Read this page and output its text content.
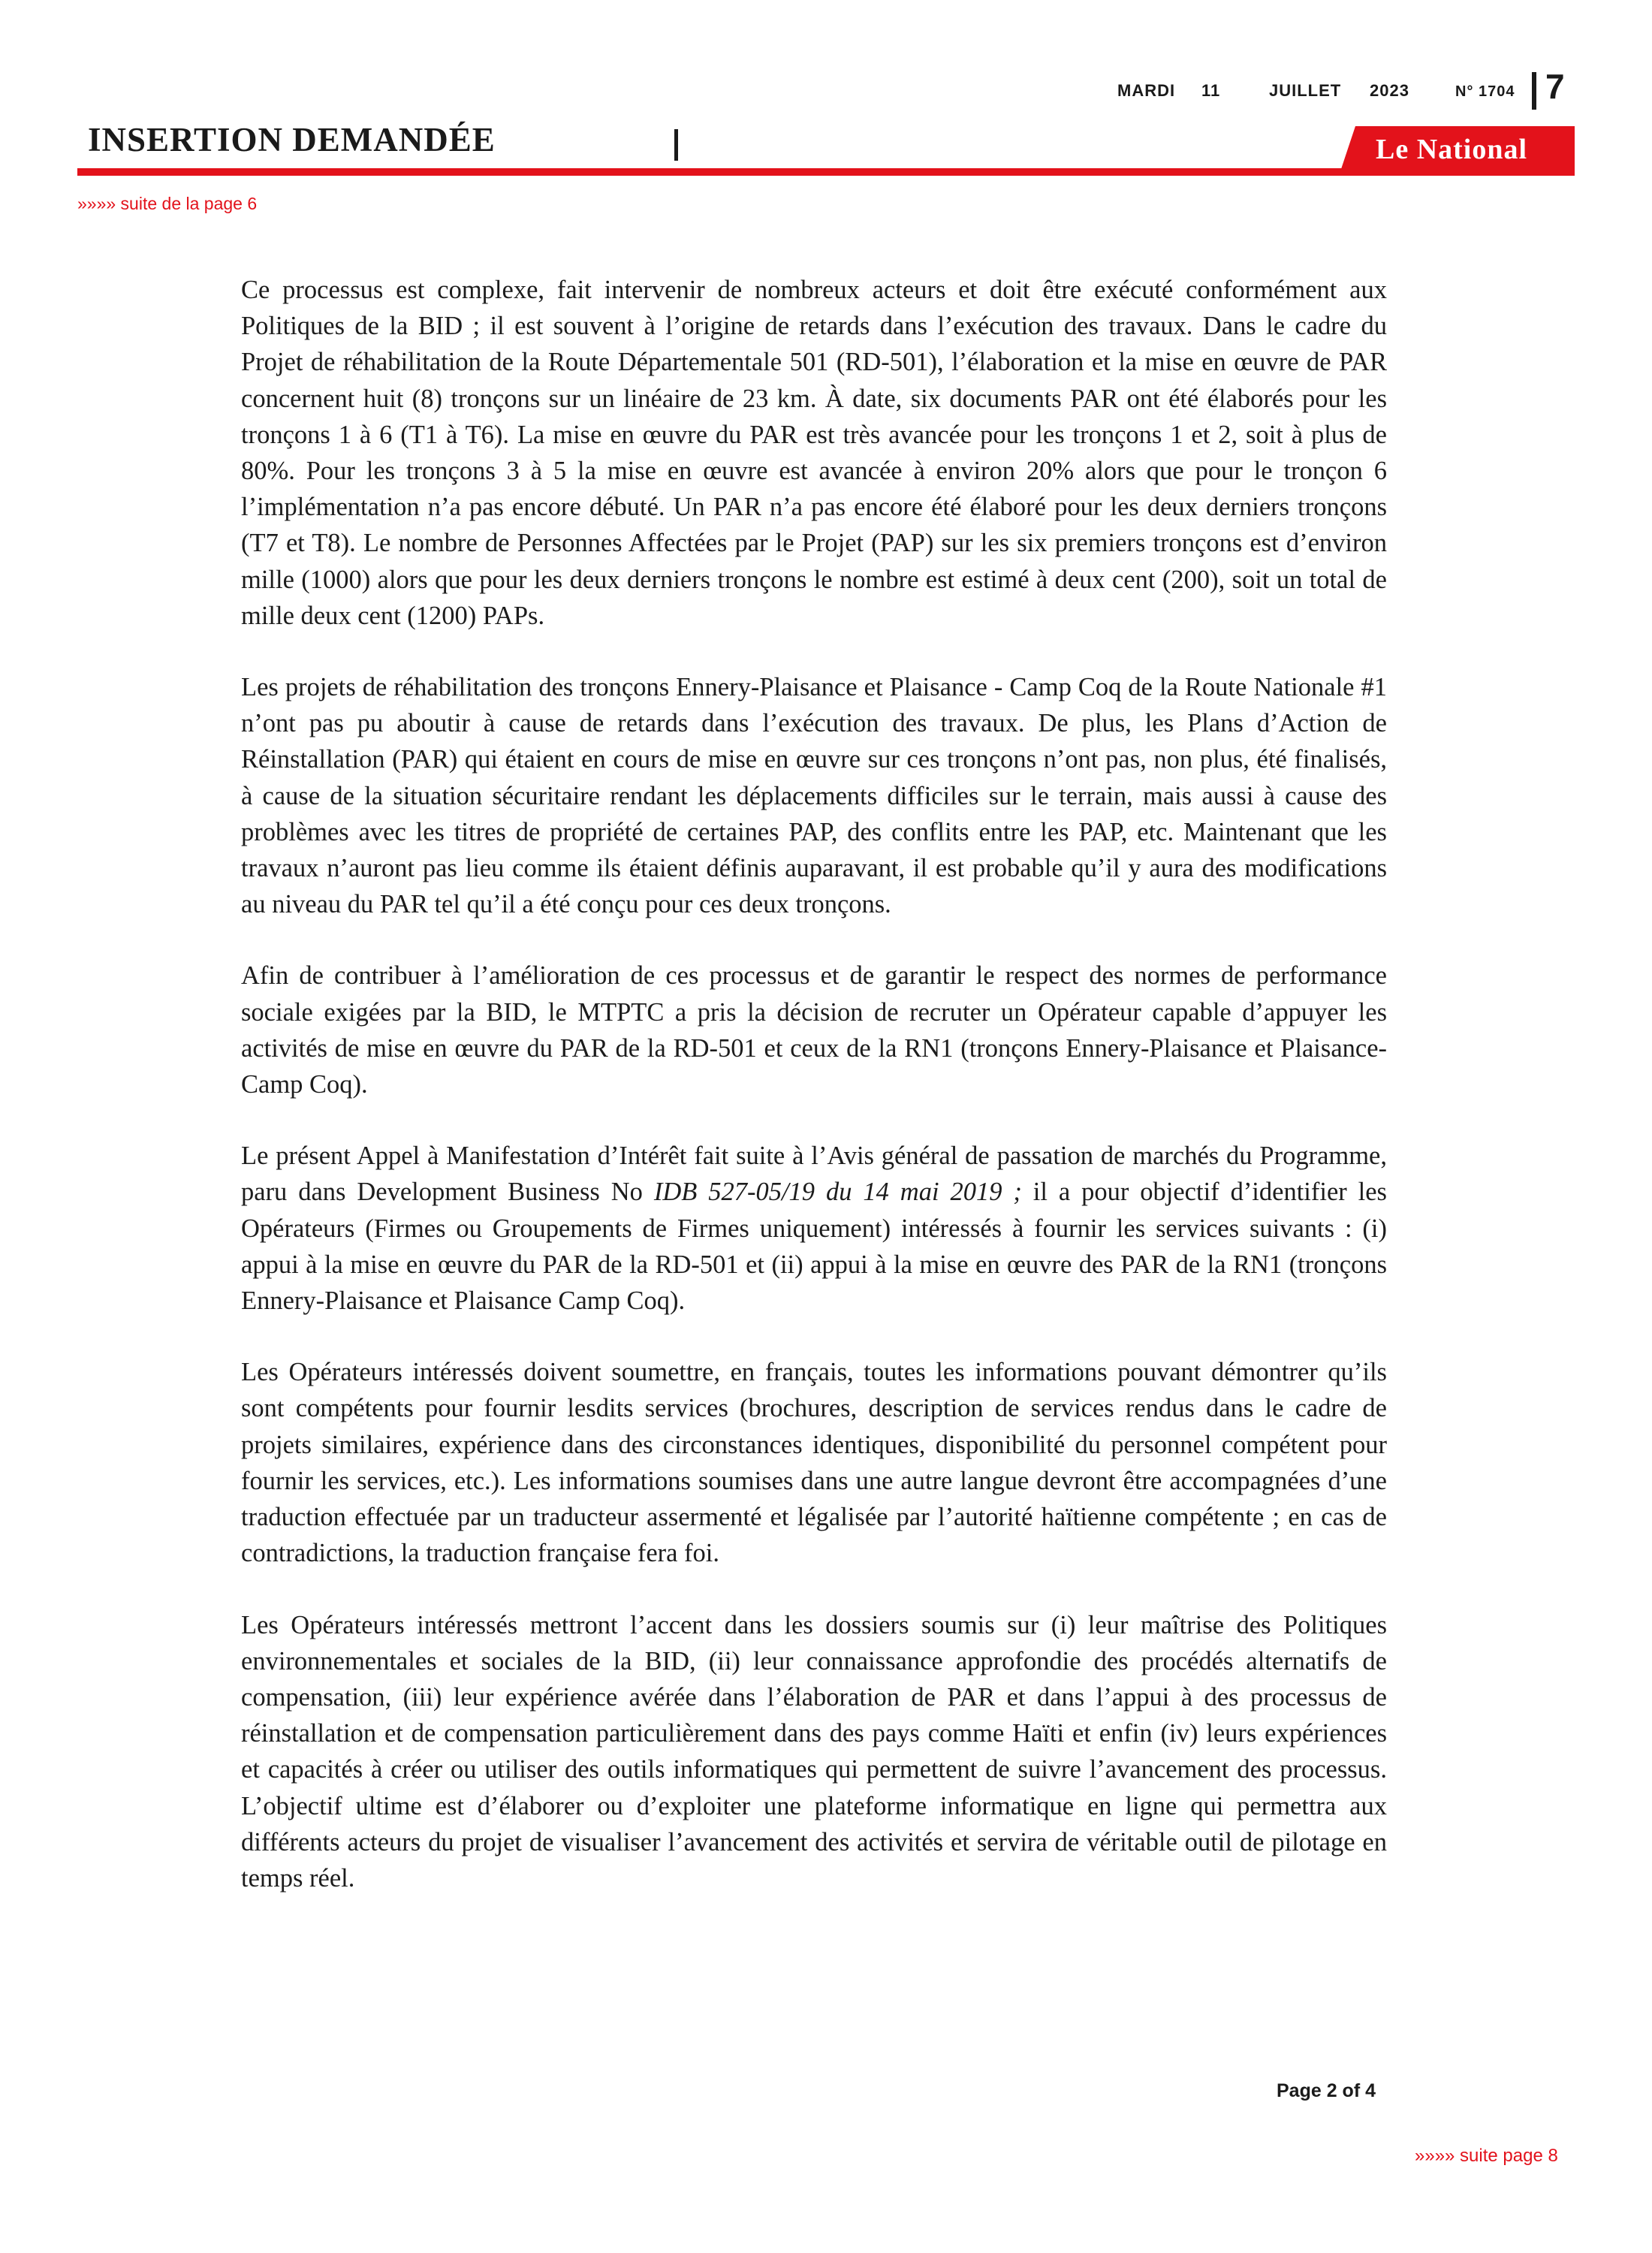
MARDI 11	JUILLET 2023	N° 1704 7
INSERTION DEMANDÉE	Le National
»»»» suite de la page 6

Ce processus est complexe, fait intervenir de nombreux acteurs et doit être exécuté conformément aux Politiques de la BID ; il est souvent à l’origine de retards dans l’exécution des travaux. Dans le cadre du Projet de réhabilitation de la Route Départementale 501 (RD-501), l’élaboration et la mise en œuvre de PAR concernent huit (8) tronçons sur un linéaire de 23 km. À date, six documents PAR ont été élaborés pour les tronçons 1 à 6 (T1 à T6). La mise en œuvre du PAR est très avancée pour les tronçons 1 et 2, soit à plus de 80%. Pour les tronçons 3 à 5 la mise en œuvre est avancée à environ 20% alors que pour le tronçon 6 l’implémentation n’a pas encore débuté. Un PAR n’a pas encore été élaboré pour les deux derniers tronçons (T7 et T8). Le nombre de Personnes Affectées par le Projet (PAP) sur les six premiers tronçons est d’environ mille (1000) alors que pour les deux derniers tronçons le nombre est estimé à deux cent (200), soit un total de mille deux cent (1200) PAPs.

Les projets de réhabilitation des tronçons Ennery-Plaisance et Plaisance - Camp Coq de la Route Nationale #1 n’ont pas pu aboutir à cause de retards dans l’exécution des travaux. De plus, les Plans d’Action de Réinstallation (PAR) qui étaient en cours de mise en œuvre sur ces tronçons n’ont pas, non plus, été finalisés, à cause de la situation sécuritaire rendant les déplacements difficiles sur le terrain, mais aussi à cause des problèmes avec les titres de propriété de certaines PAP, des conflits entre les PAP, etc. Maintenant que les travaux n’auront pas lieu comme ils étaient définis auparavant, il est probable qu’il y aura des modifications au niveau du PAR tel qu’il a été conçu pour ces deux tronçons.

Afin de contribuer à l’amélioration de ces processus et de garantir le respect des normes de performance sociale exigées par la BID, le MTPTC a pris la décision de recruter un Opérateur capable d’appuyer les activités de mise en œuvre du PAR de la RD-501 et ceux de la RN1 (tronçons Ennery-Plaisance et Plaisance-Camp Coq).

Le présent Appel à Manifestation d’Intérêt fait suite à l’Avis général de passation de marchés du Programme, paru dans Development Business No IDB 527-05/19 du 14 mai 2019 ; il a pour objectif d’identifier les Opérateurs (Firmes ou Groupements de Firmes uniquement) intéressés à fournir les services suivants : (i) appui à la mise en œuvre du PAR de la RD-501 et (ii) appui à la mise en œuvre des PAR de la RN1 (tronçons Ennery-Plaisance et Plaisance Camp Coq).

Les Opérateurs intéressés doivent soumettre, en français, toutes les informations pouvant démontrer qu’ils sont compétents pour fournir lesdits services (brochures, description de services rendus dans le cadre de projets similaires, expérience dans des circonstances identiques, disponibilité du personnel compétent pour fournir les services, etc.). Les informations soumises dans une autre langue devront être accompagnées d’une traduction effectuée par un traducteur assermenté et légalisée par l’autorité haïtienne compétente ; en cas de contradictions, la traduction française fera foi.

Les Opérateurs intéressés mettront l’accent dans les dossiers soumis sur (i) leur maîtrise des Politiques environnementales et sociales de la BID, (ii) leur connaissance approfondie des procédés alternatifs de compensation, (iii) leur expérience avérée dans l’élaboration de PAR et dans l’appui à des processus de réinstallation et de compensation particulièrement dans des pays comme Haïti et enfin (iv) leurs expériences et capacités à créer ou utiliser des outils informatiques qui permettent de suivre l’avancement des processus. L’objectif ultime est d’élaborer ou d’exploiter une plateforme informatique en ligne qui permettra aux différents acteurs du projet de visualiser l’avancement des activités et servira de véritable outil de pilotage en temps réel.

Page 2 of 4
»»»» suite page 8
